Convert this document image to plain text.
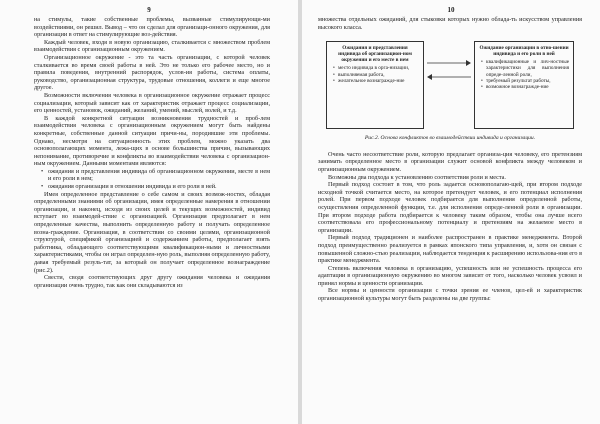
9

на стимулы, такие собственные проблемы, вызванные стимулирующи-ми воздействиями, он решил. Вывод – что он сделал для организаци-онного окружения, для организации в ответ на стимулирующие воз-действия.

Каждый человек, входя в новую организацию, сталкивается с множеством проблем взаимодействия с организационным окружением.

Организационное окружение - это та часть организации, с которой человек сталкивается во время своей работы в ней. Это не только его рабочее место, но и правила поведения, внутренний распорядок, услов-ия работы, система оплаты, руководство, организационная структура, трудовые отношения, коллеги и еще многое другое.

Возможности включения человека в организационное окружение отражает процесс социализации, который зависит как от характеристик отражает процесс социализации, его ценностей, установок, ожиданий, желаний, умений, мыслей, волей, и т.д.

В каждой конкретной ситуации возникновения трудностей и проб-лем взаимодействия человека с организационным окружением могут быть найдены конкретные, собственные данной ситуации причи-ны, породившие эти проблемы. Однако, несмотря на ситуационность этих проблем, можно указать два основополагающих момента, лежа-щих в основе большинства причин, вызывающих непонимание, противоречие и конфликты во взаимодействии человека с организацион-ным окружением. Данными моментами являются:

• ожидания и представления индивида об организационном окружении, месте в нем и его роли в нем;
• ожидания организации в отношении индивида и его роли в ней.

Имея определенное представление о себе самом и своих возмож-ностях, обладая определенными знаниями об организации, имея определенные намерения в отношении организации, и наконец, исходя из своих целей и текущих возможностей, индивид вступает во взаимодей-ствие с организацией. Организация предполагает в нем определенные качества, выполнить определенную работу и получать определенное возна-граждение. Организация, в соответствии со своими целями, организационной структурой, спецификой организацией и содержанием работы, предполагает взять работника, обладающего соответствующими квалификацион-ными и личностными характеристиками, чтобы он играл определен-ную роль, выполняя определенную работу, давая требуемый резуль-тат, за который он получает определенное вознаграждение (рис.2).

Свести, сводя соответствующих друг другу ожидания человека и ожидания организации очень трудно, так как они складываются из

10

множества отдельных ожиданий, для стыковки которых нужно облада-ть искусством управления высокого класса.

Ожидания и представления индивида об организацион-ном окружении и его месте в нем
• место индивида в орга-низации,
• выполняемая работа,
• желательное вознагражде-ние
Ожидание организации в отно-шении индивида и его роли в ней
• квалификационные и лич-ностные характеристики для выполнения опреде-ленной роли,
• требуемый результат работы,
• возможное вознагражде-ние
Рис.2. Основа конфликтов во взаимодействии индивида и организации.

Очень часто несоответствие роли, которую предлагает организа-ция человеку, его претензиям занимать определенное место в организации служит основой конфликта между человеком и организационным окружением.

Возможны два подхода к установлению соответствия роли и места.

Первый подход состоит в том, что роль задается основополагаю-щей, при втором подходе исходной точкой считается место, на которое претендует человек, и его потенциал исполнения ролей. При первом подходе человек подбирается для выполнения определенной работы, осуществления определенной функции, т.е. для исполнения опреде-ленной роли в организации. При втором подходе работа подбирается к человеку таким образом, чтобы она лучше всего соответствовала его профессиональному потенциалу и претензиям на желаемое место в организации.

Первый подход традиционен и наиболее распространен в практике менеджмента. Второй подход преимущественно реализуется в рамках японского типа управления, и, хотя он связан с повышенной сложно-стью реализации, наблюдается тенденция к расширению использова-ния его в практике менеджмента.

Степень включения человека в организацию, успешность или не успешность процесса его адаптации в организационную окружению во многом зависит от того, насколько человек усвоил и принял нормы и ценности организации.

Все нормы и ценности организации с точки зрения ее членов, цел-ей и характеристик организационной культуры могут быть разделены на две группы:
